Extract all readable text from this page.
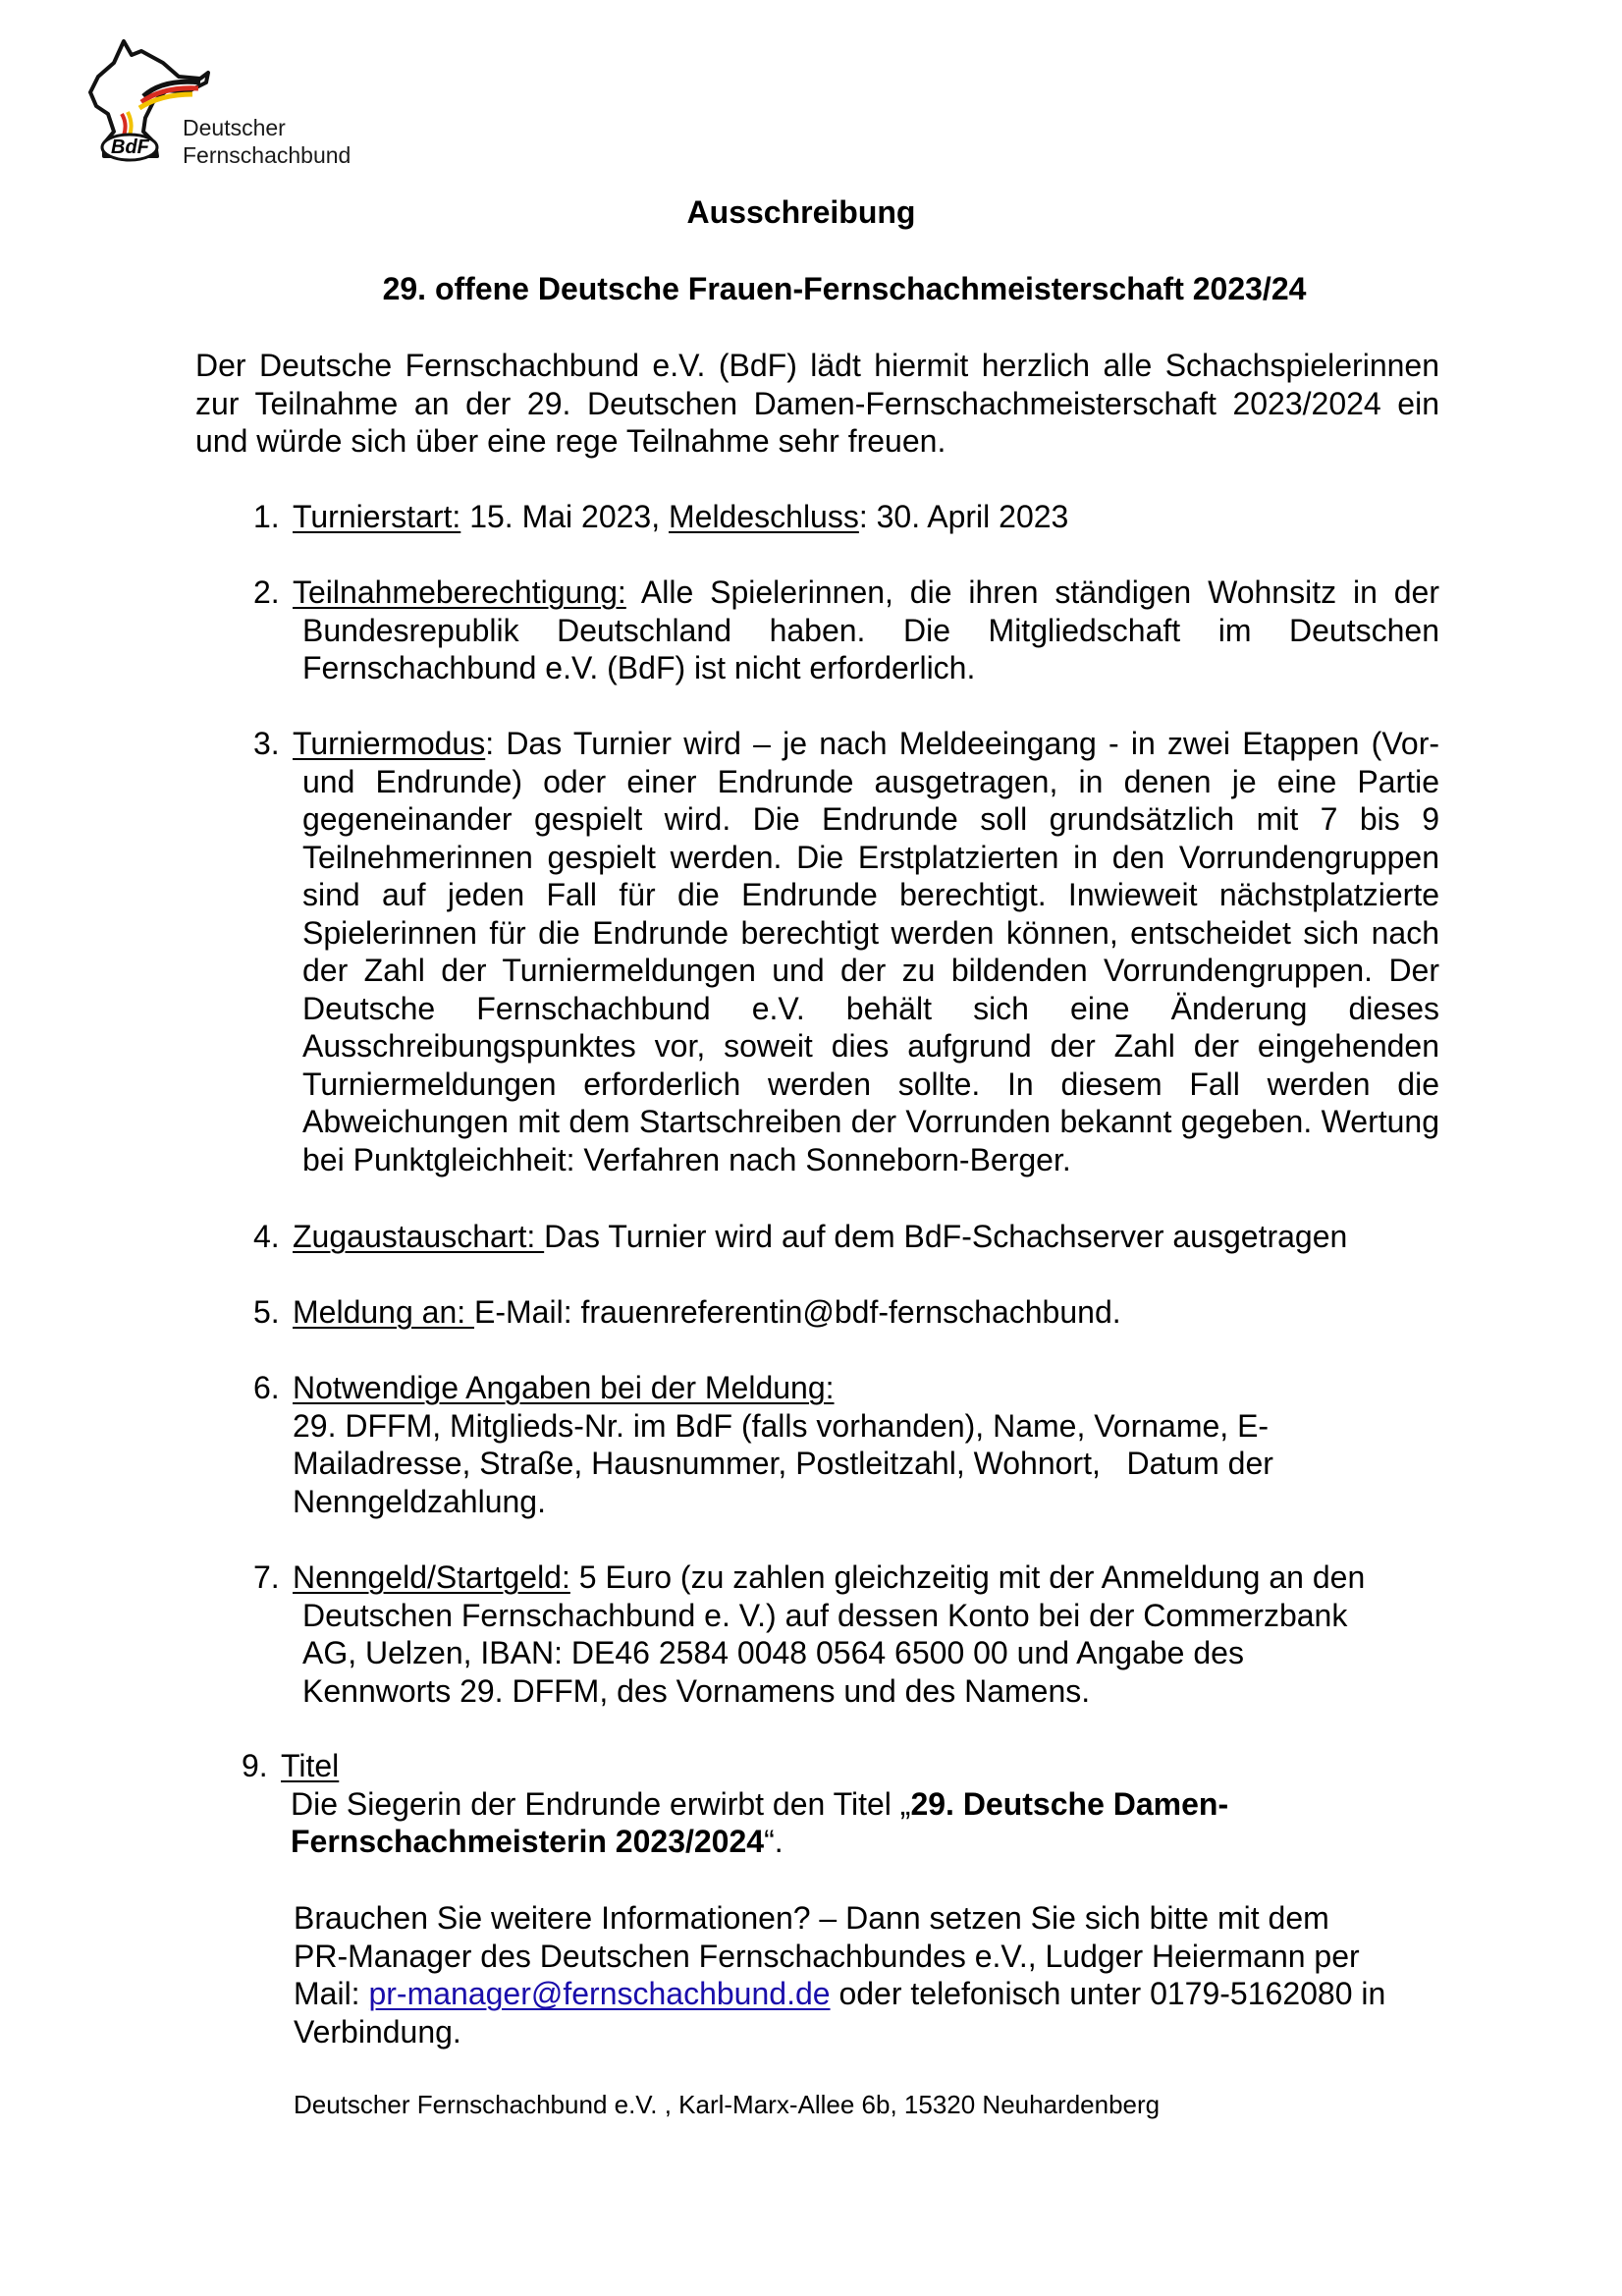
BdF
Deutscher
Fernschachbund
Ausschreibung
29. offene Deutsche Frauen-Fernschachmeisterschaft 2023/24
Der Deutsche Fernschachbund e.V. (BdF) lädt hiermit herzlich alle Schachspielerinnen zur Teilnahme an der 29. Deutschen Damen-Fernschachmeisterschaft 2023/2024 ein und würde sich über eine rege Teilnahme sehr freuen.
1. Turnierstart: 15. Mai 2023, Meldeschluss: 30. April 2023
2. Teilnahmeberechtigung: Alle Spielerinnen, die ihren ständigen Wohnsitz in der Bundesrepublik Deutschland haben. Die Mitgliedschaft im Deutschen Fernschachbund e.V. (BdF) ist nicht erforderlich.
3. Turniermodus: Das Turnier wird – je nach Meldeeingang - in zwei Etappen (Vor- und Endrunde) oder einer Endrunde ausgetragen, in denen je eine Partie gegeneinander gespielt wird. Die Endrunde soll grundsätzlich mit 7 bis 9 Teilnehmerinnen gespielt werden. Die Erstplatzierten in den Vorrundengruppen sind auf jeden Fall für die Endrunde berechtigt. Inwieweit nächstplatzierte Spielerinnen für die Endrunde berechtigt werden können, entscheidet sich nach der Zahl der Turniermeldungen und der zu bildenden Vorrundengruppen. Der Deutsche Fernschachbund e.V. behält sich eine Änderung dieses Ausschreibungspunktes vor, soweit dies aufgrund der Zahl der eingehenden Turniermeldungen erforderlich werden sollte. In diesem Fall werden die Abweichungen mit dem Startschreiben der Vorrunden bekannt gegeben. Wertung bei Punktgleichheit: Verfahren nach Sonneborn-Berger.
4. Zugaustauschart: Das Turnier wird auf dem BdF-Schachserver ausgetragen
5. Meldung an: E-Mail: frauenreferentin@bdf-fernschachbund.
6. Notwendige Angaben bei der Meldung:
29. DFFM, Mitglieds-Nr. im BdF (falls vorhanden), Name, Vorname, E-
Mailadresse, Straße, Hausnummer, Postleitzahl, Wohnort,   Datum der
Nenngeldzahlung.
7. Nenngeld/Startgeld: 5 Euro (zu zahlen gleichzeitig mit der Anmeldung an den
Deutschen Fernschachbund e. V.) auf dessen Konto bei der Commerzbank
AG, Uelzen, IBAN: DE46 2584 0048 0564 6500 00 und Angabe des
Kennworts 29. DFFM, des Vornamens und des Namens.
9. Titel
Die Siegerin der Endrunde erwirbt den Titel „29. Deutsche Damen-
Fernschachmeisterin 2023/2024“.
Brauchen Sie weitere Informationen? – Dann setzen Sie sich bitte mit dem
PR-Manager des Deutschen Fernschachbundes e.V., Ludger Heiermann per
Mail: pr-manager@fernschachbund.de oder telefonisch unter 0179-5162080 in
Verbindung.
Deutscher Fernschachbund e.V. , Karl-Marx-Allee 6b, 15320 Neuhardenberg
